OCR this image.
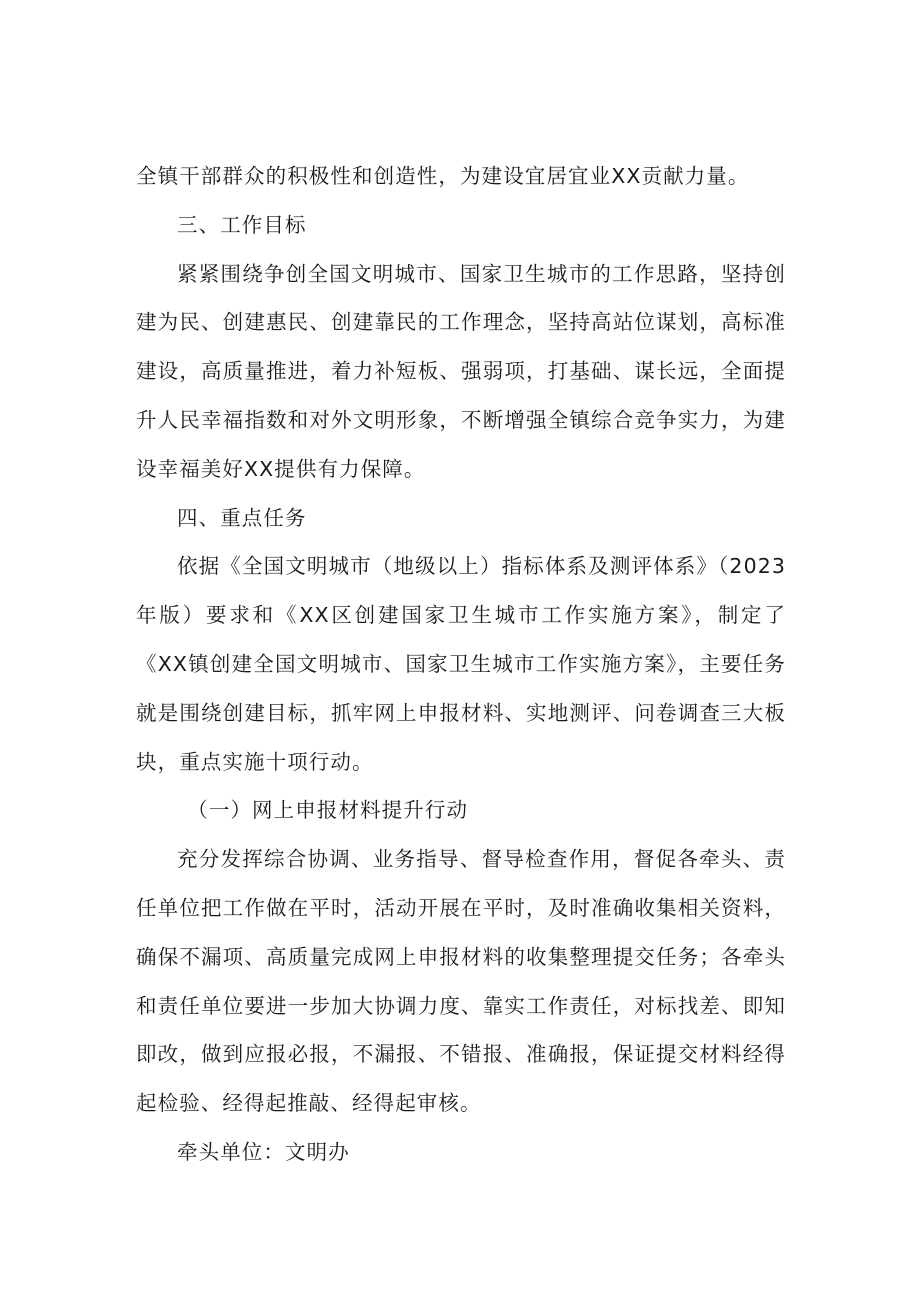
全镇干部群众的积极性和创造性，为建设宜居宜业XX贡献力量。

三、工作目标

紧紧围绕争创全国文明城市、国家卫生城市的工作思路，坚持创建为民、创建惠民、创建靠民的工作理念，坚持高站位谋划，高标准建设，高质量推进，着力补短板、强弱项，打基础、谋长远，全面提升人民幸福指数和对外文明形象，不断增强全镇综合竞争实力，为建设幸福美好XX提供有力保障。

四、重点任务

依据《全国文明城市（地级以上）指标体系及测评体系》（2023年版）要求和《XX区创建国家卫生城市工作实施方案》，制定了《XX镇创建全国文明城市、国家卫生城市工作实施方案》，主要任务就是围绕创建目标，抓牢网上申报材料、实地测评、问卷调查三大板块，重点实施十项行动。

（一）网上申报材料提升行动

充分发挥综合协调、业务指导、督导检查作用，督促各牵头、责任单位把工作做在平时，活动开展在平时，及时准确收集相关资料，确保不漏项、高质量完成网上申报材料的收集整理提交任务；各牵头和责任单位要进一步加大协调力度、靠实工作责任，对标找差、即知即改，做到应报必报，不漏报、不错报、准确报，保证提交材料经得起检验、经得起推敲、经得起审核。

牵头单位：文明办
